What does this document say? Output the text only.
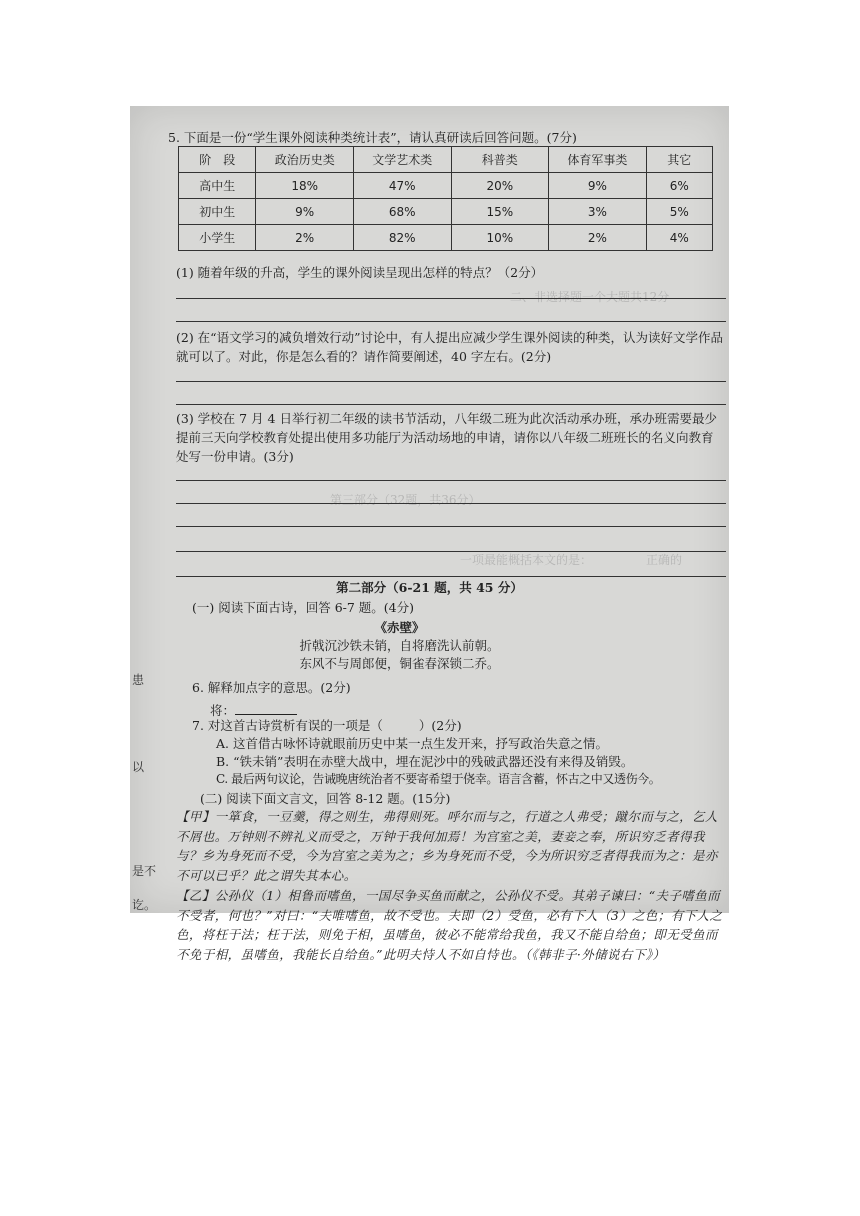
二、非选择题一个大题共12分
第三部分（32题，共36分）
一项最能概括本文的是：　　　　　正确的
5. 下面是一份“学生课外阅读种类统计表”，请认真研读后回答问题。(7分)
阶　段	政治历史类	文学艺术类	科普类	体育军事类	其它
高中生	18%	47%	20%	9%	6%
初中生	9%	68%	15%	3%	5%
小学生	2%	82%	10%	2%	4%
(1) 随着年级的升高，学生的课外阅读呈现出怎样的特点？（2分）
(2) 在“语文学习的减负增效行动”讨论中，有人提出应减少学生课外阅读的种类，认为读好文学作品就可以了。对此，你是怎么看的？请作简要阐述，40 字左右。(2分)
(3) 学校在 7 月 4 日举行初二年级的读书节活动，八年级二班为此次活动承办班，承办班需要最少提前三天向学校教育处提出使用多功能厅为活动场地的申请，请你以八年级二班班长的名义向教育处写一份申请。(3分)
第二部分（6-21 题，共 45 分）
(一) 阅读下面古诗，回答 6-7 题。(4分)
《赤壁》
折戟沉沙铁未销，自将磨洗认前朝。
东风不与周郎便，铜雀春深锁二乔。
6. 解释加点字的意思。(2分)
将：
7. 对这首古诗赏析有误的一项是（	）(2分)
A. 这首借古咏怀诗就眼前历史中某一点生发开来，抒写政治失意之情。
B. “铁未销”表明在赤壁大战中，埋在泥沙中的残破武器还没有来得及销毁。
C. 最后两句议论，告诫晚唐统治者不要寄希望于侥幸。语言含蓄，怀古之中又透伤今。
(二) 阅读下面文言文，回答 8-12 题。(15分)
【甲】一箪食，一豆羹，得之则生，弗得则死。呼尔而与之，行道之人弗受；蹴尔而与之，乞人不屑也。万钟则不辨礼义而受之，万钟于我何加焉！为宫室之美，妻妾之奉，所识穷乏者得我与？乡为身死而不受，今为宫室之美为之；乡为身死而不受，今为所识穷乏者得我而为之：是亦不可以已乎？此之谓失其本心。
【乙】公孙仪（1）相鲁而嗜鱼，一国尽争买鱼而献之，公孙仪不受。其弟子谏曰：“夫子嗜鱼而不受者，何也？”对曰：“夫唯嗜鱼，故不受也。夫即（2）受鱼，必有下人（3）之色；有下人之色，将枉于法；枉于法，则免于相，虽嗜鱼，彼必不能常给我鱼，我又不能自给鱼；即无受鱼而不免于相，虽嗜鱼，我能长自给鱼。”此明夫恃人不如自恃也。（《韩非子·外储说右下》）
患
以
是不
讫。
